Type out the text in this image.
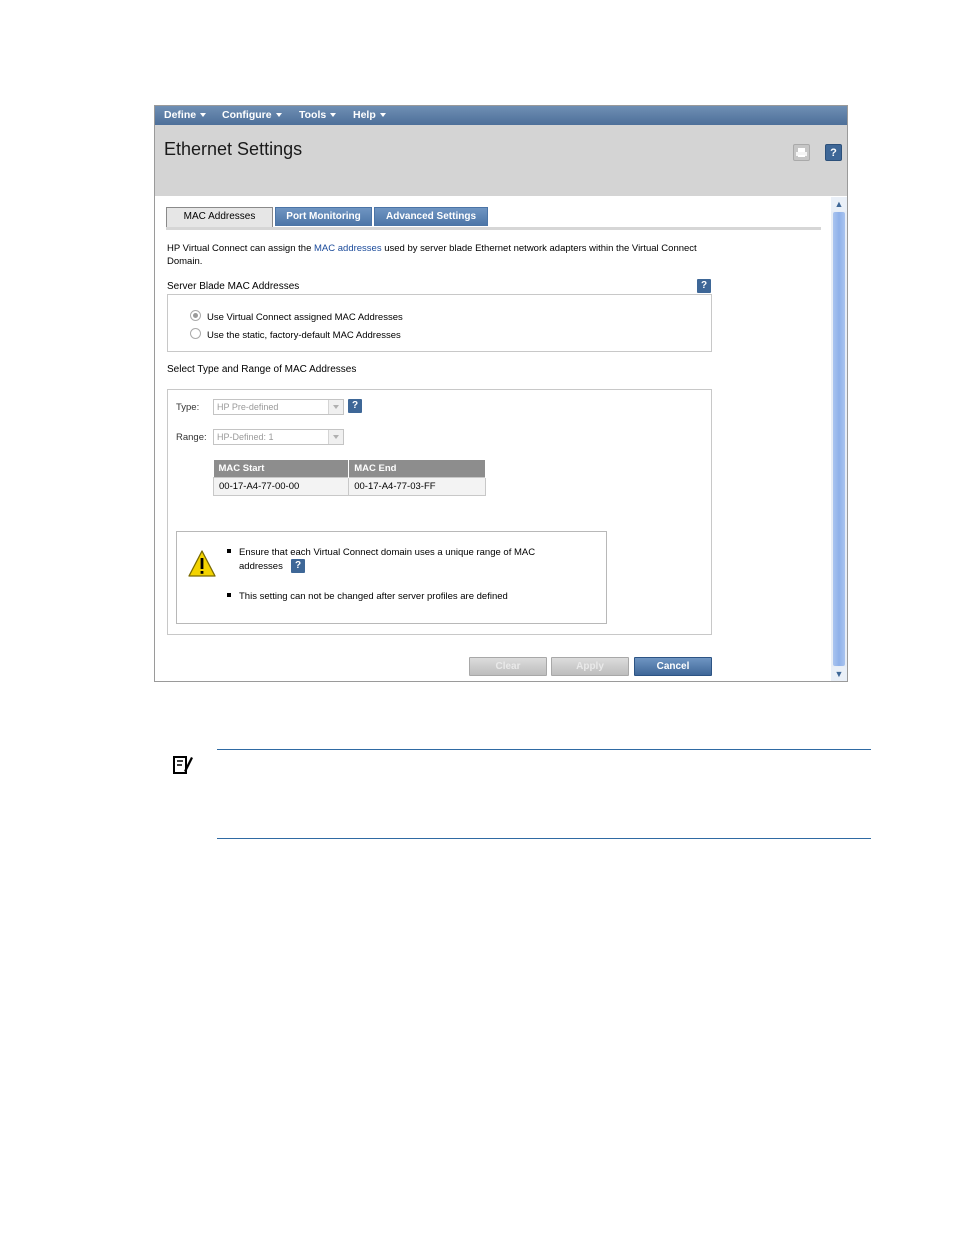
Define	Configure	Tools	Help
Ethernet Settings	?
MAC Addresses	Port Monitoring	Advanced Settings
HP Virtual Connect can assign the MAC addresses used by server blade Ethernet network adapters within the Virtual Connect Domain.
Server Blade MAC Addresses	?
Use Virtual Connect assigned MAC Addresses
Use the static, factory-default MAC Addresses
Select Type and Range of MAC Addresses
Type:	HP Pre-defined	?
Range:	HP-Defined: 1
MAC Start	MAC End
00-17-A4-77-00-00	00-17-A4-77-03-FF
Ensure that each Virtual Connect domain uses a unique range of MAC
addresses	?
This setting can not be changed after server profiles are defined
Clear	Apply	Cancel
▲
▼
